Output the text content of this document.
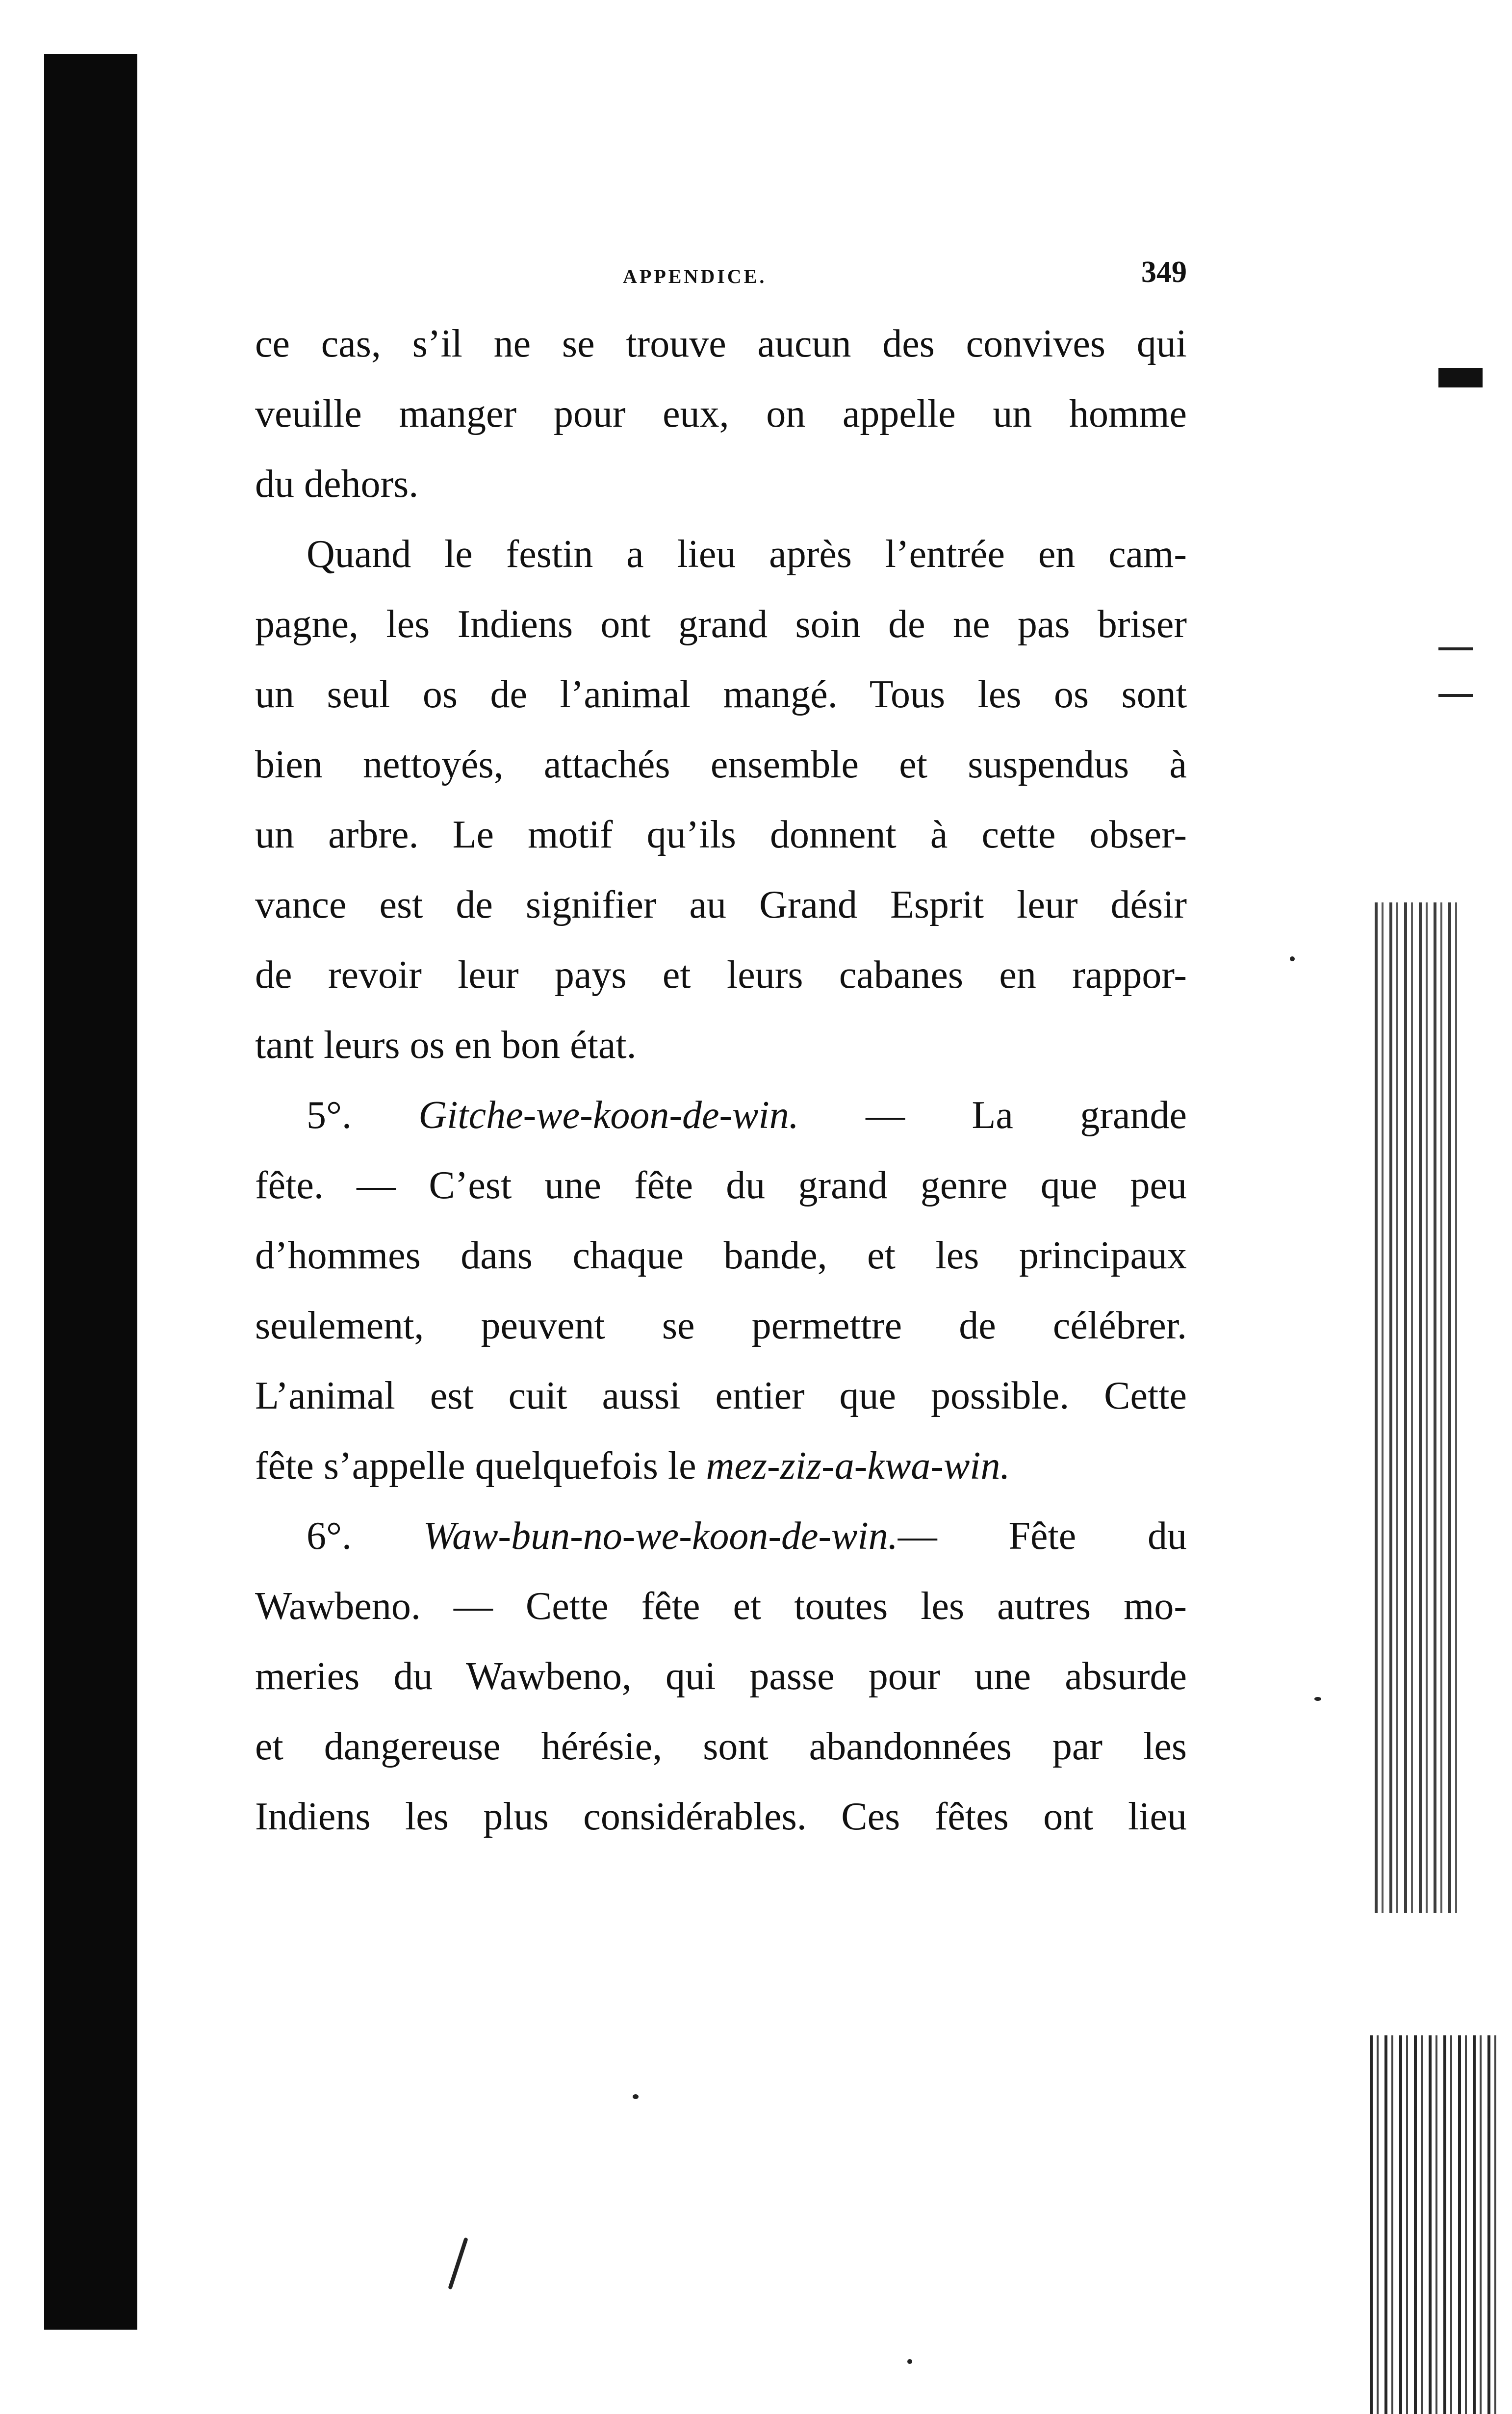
APPENDICE.	349
ce cas, s’il ne se trouve aucun des convives qui
veuille manger pour eux, on appelle un homme
du dehors.
Quand le festin a lieu après l’entrée en cam-
pagne, les Indiens ont grand soin de ne pas briser
un seul os de l’animal mangé. Tous les os sont
bien nettoyés, attachés ensemble et suspendus à
un arbre. Le motif qu’ils donnent à cette obser-
vance est de signifier au Grand Esprit leur désir
de revoir leur pays et leurs cabanes en rappor-
tant leurs os en bon état.
5°. Gitche-we-koon-de-win. — La grande
fête. — C’est une fête du grand genre que peu
d’hommes dans chaque bande, et les principaux
seulement, peuvent se permettre de célébrer.
L’animal est cuit aussi entier que possible. Cette
fête s’appelle quelquefois le mez-ziz-a-kwa-win.
6°. Waw-bun-no-we-koon-de-win.— Fête du
Wawbeno. — Cette fête et toutes les autres mo-
meries du Wawbeno, qui passe pour une absurde
et dangereuse hérésie, sont abandonnées par les
Indiens les plus considérables. Ces fêtes ont lieu
